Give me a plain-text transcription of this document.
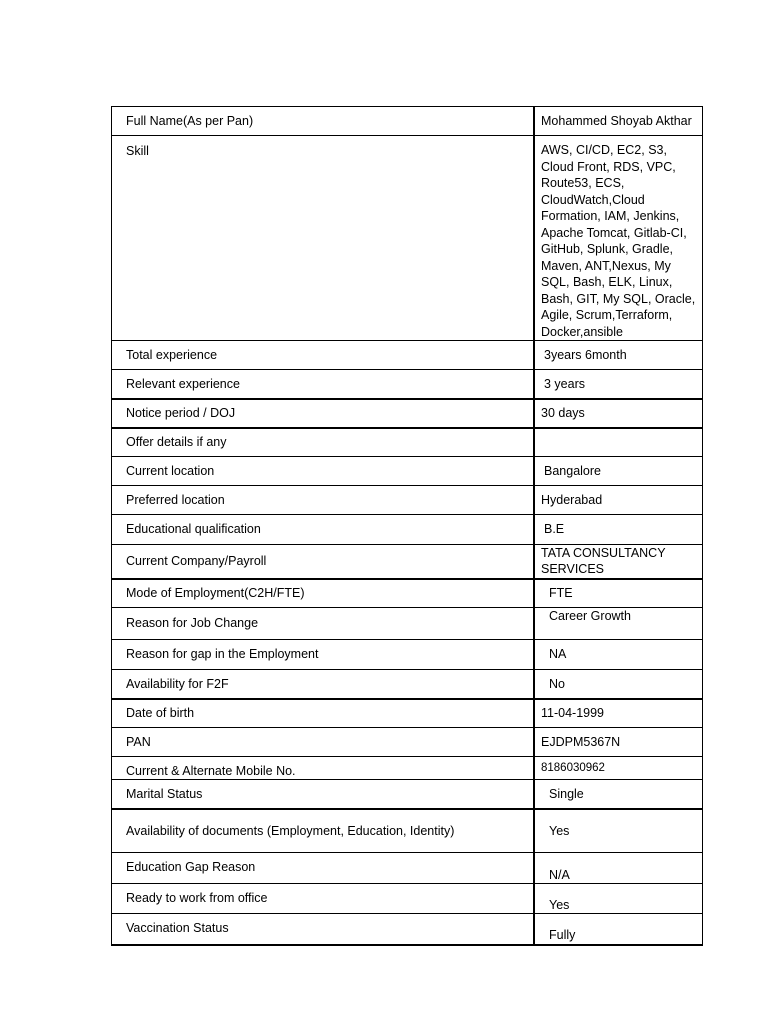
Full Name(As per Pan)	Mohammed Shoyab Akthar
Skill	AWS, CI/CD, EC2, S3, Cloud Front, RDS, VPC, Route53, ECS, CloudWatch,Cloud Formation, IAM, Jenkins, Apache Tomcat, Gitlab-CI, GitHub, Splunk, Gradle, Maven, ANT,Nexus, My SQL, Bash, ELK, Linux, Bash, GIT, My SQL, Oracle, Agile, Scrum,Terraform, Docker,ansible
Total experience	3years 6month
Relevant experience	3 years
Notice period / DOJ	30 days
Offer details if any	
Current location	Bangalore
Preferred location	Hyderabad
Educational qualification	B.E
Current Company/Payroll	TATA CONSULTANCY SERVICES
Mode of Employment(C2H/FTE)	FTE
Reason for Job Change	Career Growth
Reason for gap in the Employment	NA
Availability for F2F	No
Date of birth	11-04-1999
PAN	EJDPM5367N
Current & Alternate Mobile No.	8186030962
Marital Status	Single
Availability of documents (Employment, Education, Identity)	Yes
Education Gap Reason	N/A
Ready to work from office	Yes
Vaccination Status	Fully
